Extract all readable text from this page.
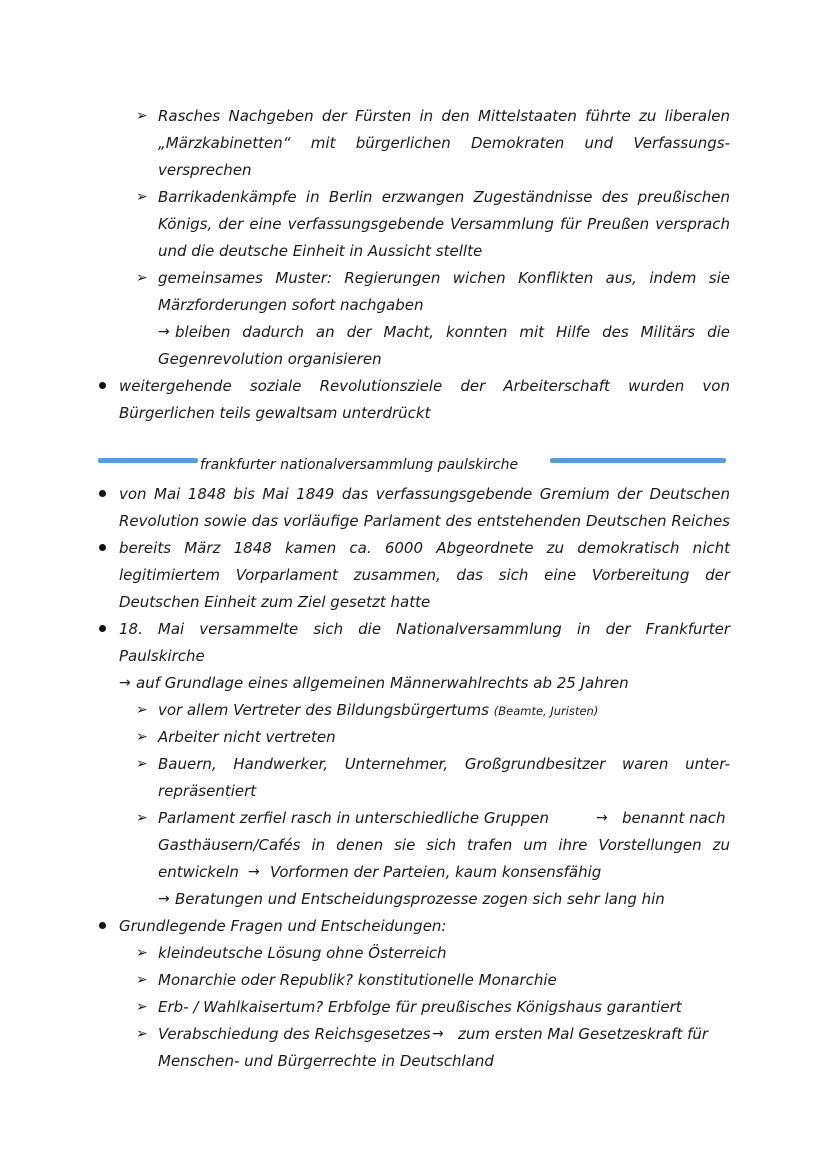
➢ Rasches Nachgeben der Fürsten in den Mittelstaaten führte zu liberalen
„Märzkabinetten“ mit bürgerlichen Demokraten und Verfassungs-
versprechen
➢ Barrikadenkämpfe in Berlin erzwangen Zugeständnisse des preußischen
Königs, der eine verfassungsgebende Versammlung für Preußen versprach
und die deutsche Einheit in Aussicht stellte
➢ gemeinsames Muster: Regierungen wichen Konflikten aus, indem sie
Märzforderungen sofort nachgaben
→ bleiben dadurch an der Macht, konnten mit Hilfe des Militärs die
Gegenrevolution organisieren
weitergehende soziale Revolutionsziele der Arbeiterschaft wurden von
Bürgerlichen teils gewaltsam unterdrückt
frankfurter nationalversammlung paulskirche
von Mai 1848 bis Mai 1849 das verfassungsgebende Gremium der Deutschen
Revolution sowie das vorläufige Parlament des entstehenden Deutschen Reiches
bereits März 1848 kamen ca. 6000 Abgeordnete zu demokratisch nicht
legitimiertem Vorparlament zusammen, das sich eine Vorbereitung der
Deutschen Einheit zum Ziel gesetzt hatte
18. Mai versammelte sich die Nationalversammlung in der Frankfurter
Paulskirche
→ auf Grundlage eines allgemeinen Männerwahlrechts ab 25 Jahren
➢ vor allem Vertreter des Bildungsbürgertums (Beamte, Juristen)
➢ Arbeiter nicht vertreten
➢ Bauern, Handwerker, Unternehmer, Großgrundbesitzer waren unter-
repräsentiert
➢ Parlament zerfiel rasch in unterschiedliche Gruppen	→ benannt nach
Gasthäusern/Cafés in denen sie sich trafen um ihre Vorstellungen zu
entwickeln → Vorformen der Parteien, kaum konsensfähig
→ Beratungen und Entscheidungsprozesse zogen sich sehr lang hin
Grundlegende Fragen und Entscheidungen:
➢ kleindeutsche Lösung ohne Österreich
➢ Monarchie oder Republik? konstitutionelle Monarchie
➢ Erb- / Wahlkaisertum? Erbfolge für preußisches Königshaus garantiert
➢ Verabschiedung des Reichsgesetzes → zum ersten Mal Gesetzeskraft für
Menschen- und Bürgerrechte in Deutschland
